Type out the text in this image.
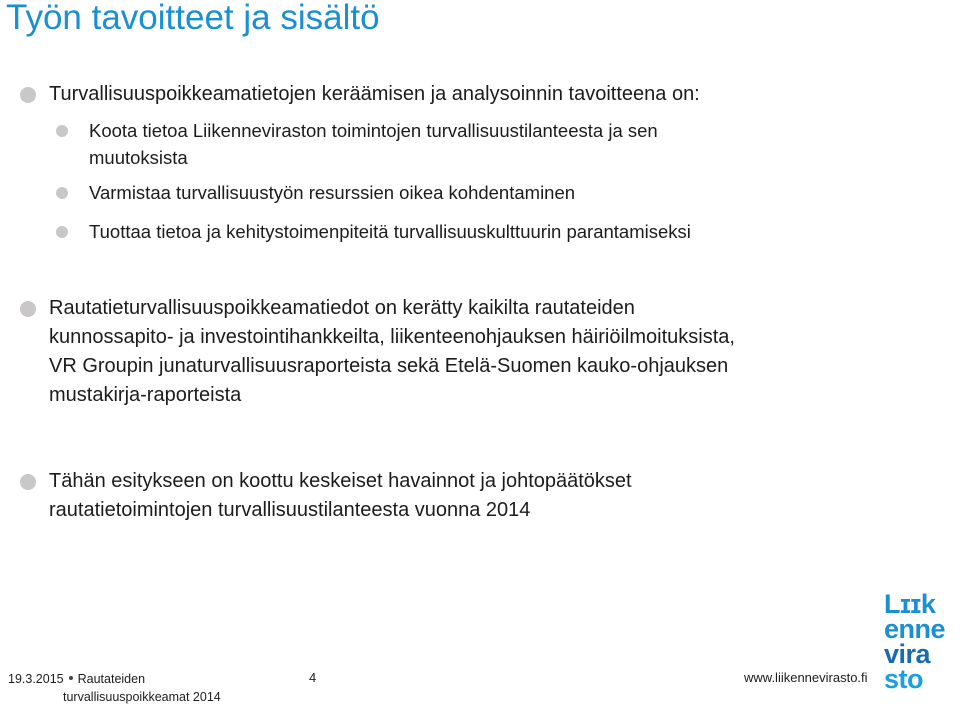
Työn tavoitteet ja sisältö
Turvallisuuspoikkeamatietojen keräämisen ja analysoinnin tavoitteena on:
Koota tietoa Liikenneviraston toimintojen turvallisuustilanteesta ja sen
muutoksista
Varmistaa turvallisuustyön resurssien oikea kohdentaminen
Tuottaa tietoa ja kehitystoimenpiteitä turvallisuuskulttuurin parantamiseksi
Rautatieturvallisuuspoikkeamatiedot on kerätty kaikilta rautateiden
kunnossapito- ja investointihankkeilta, liikenteenohjauksen häiriöilmoituksista,
VR Groupin junaturvallisuusraporteista sekä Etelä-Suomen kauko-ohjauksen
mustakirja-raporteista
Tähän esitykseen on koottu keskeiset havainnot ja johtopäätökset
rautatietoimintojen turvallisuustilanteesta vuonna 2014
Lɪɪk
enne
vira
sto
19.3.2015 Rautateiden
turvallisuuspoikkeamat 2014
4	www.liikennevirasto.fi
